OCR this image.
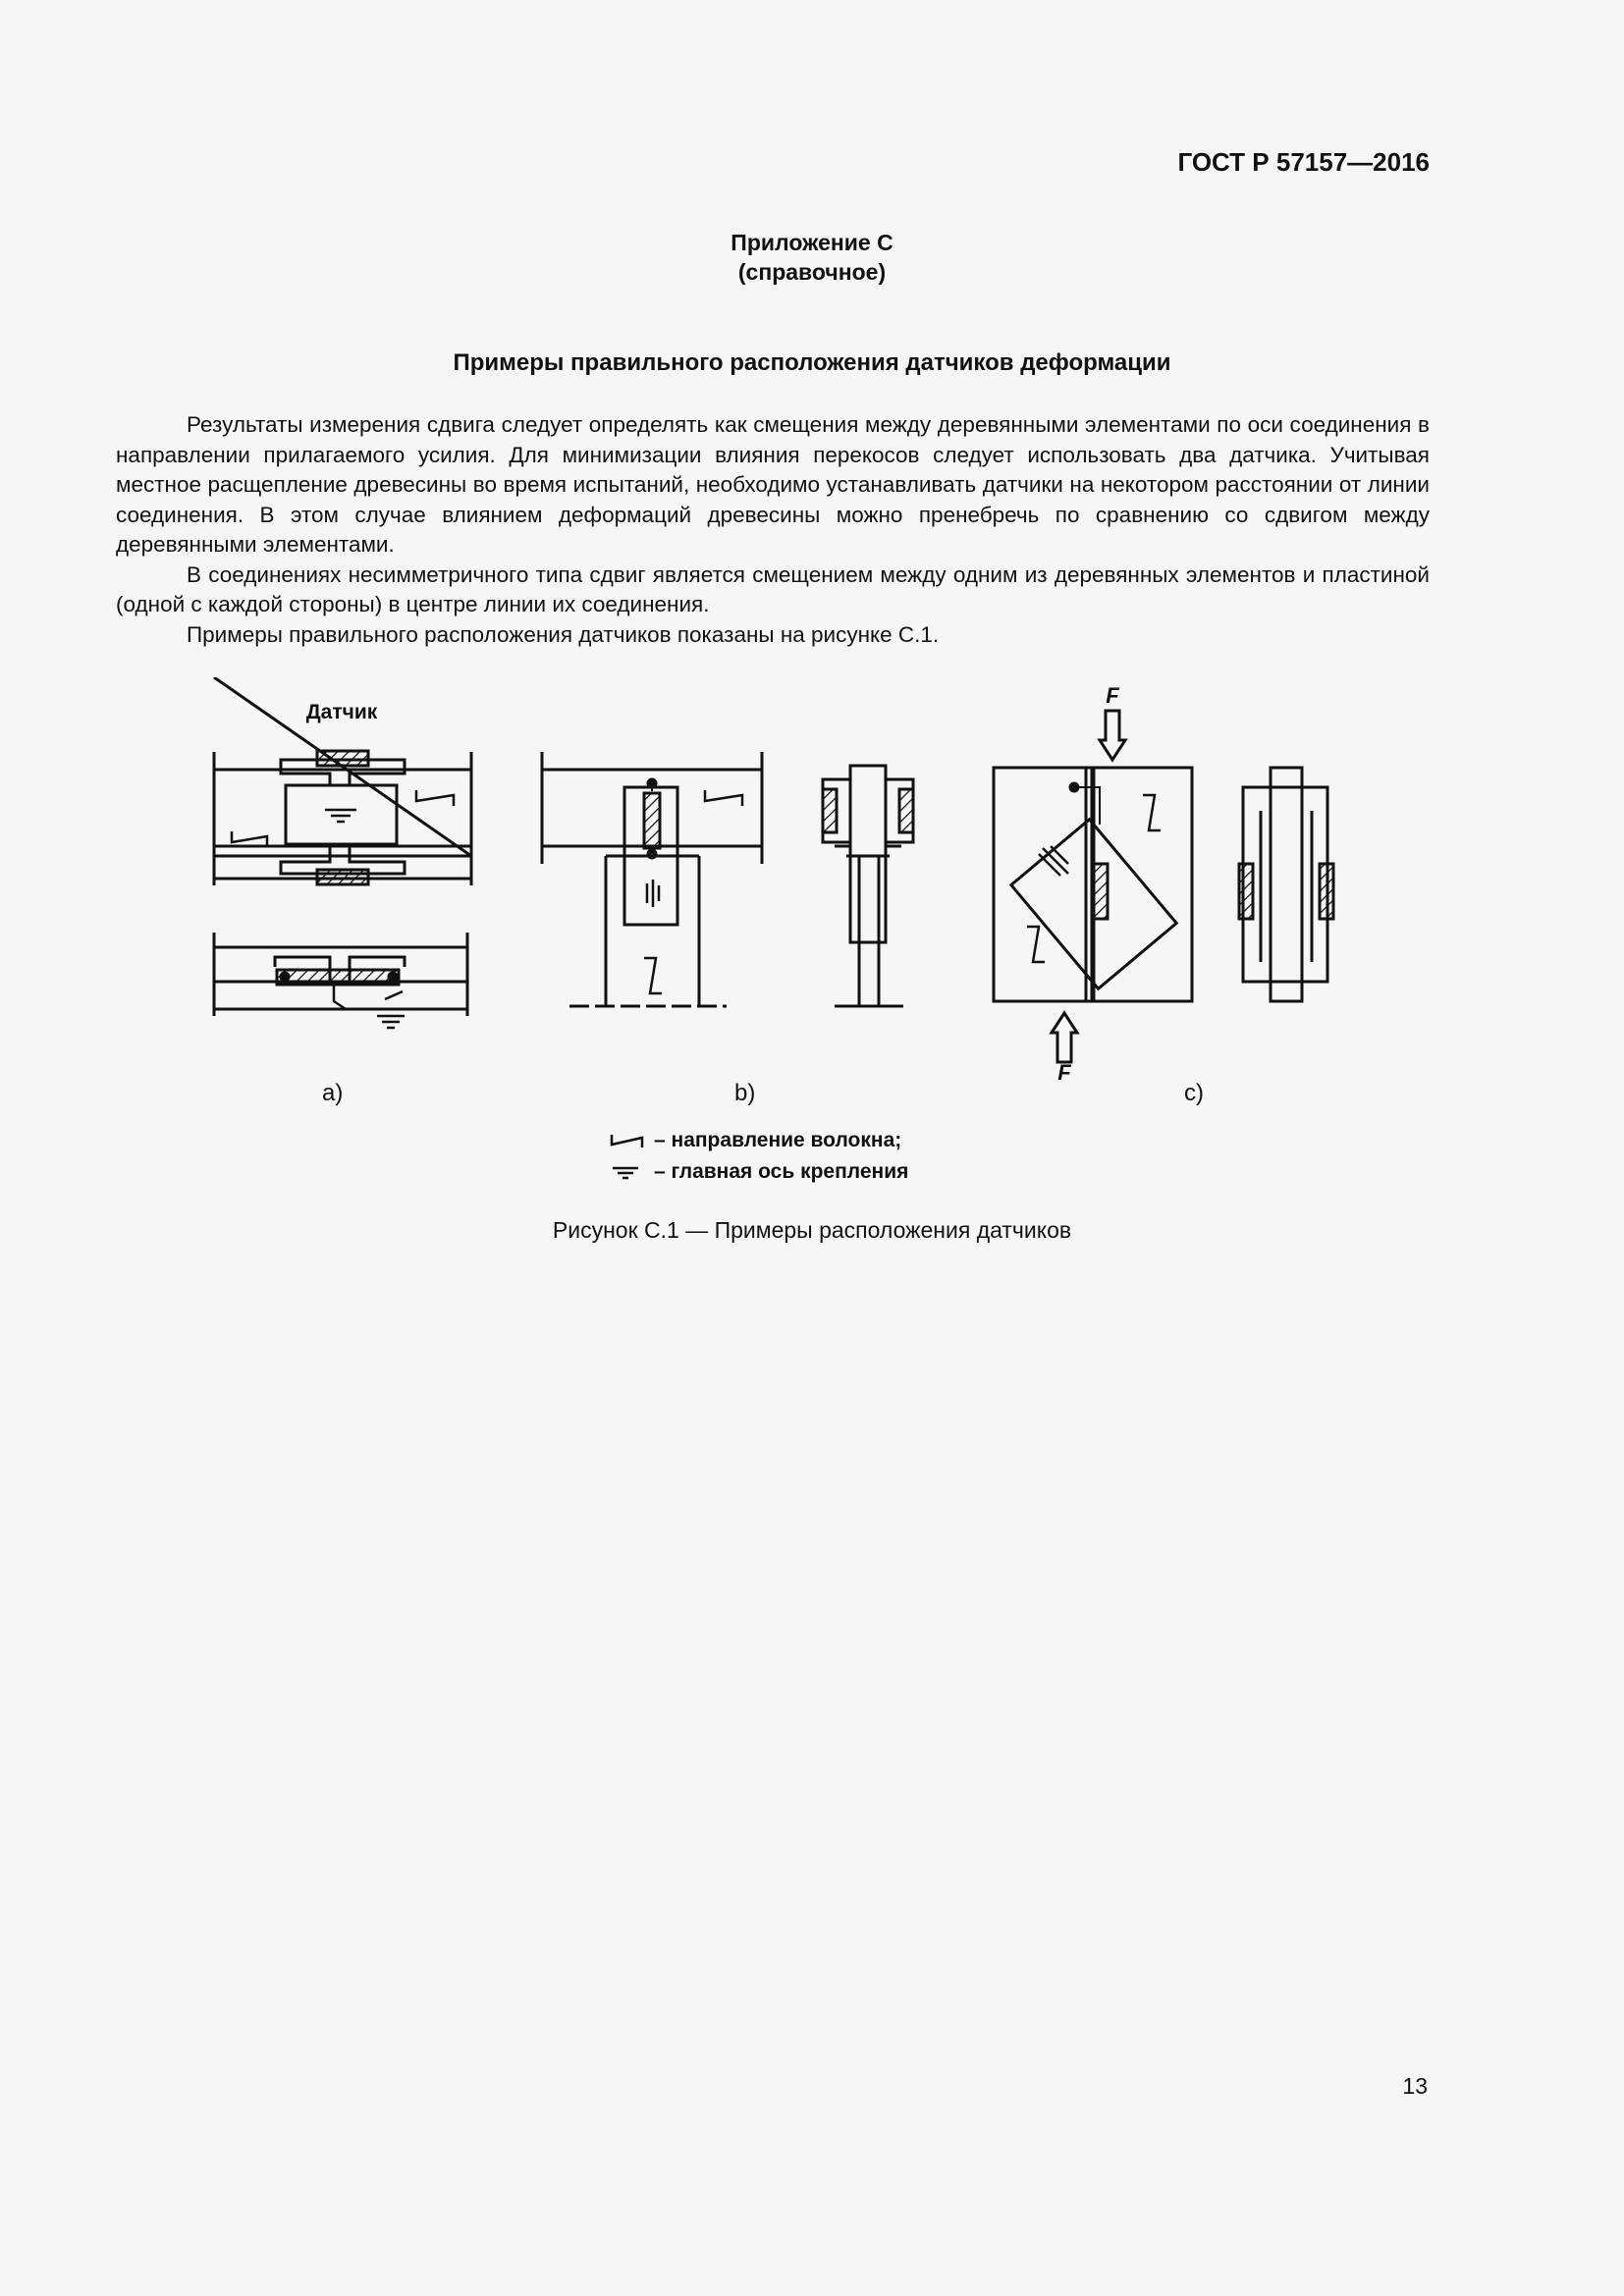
ГОСТ Р 57157—2016
Приложение С
(справочное)
Примеры правильного расположения датчиков деформации

Результаты измерения сдвига следует определять как смещения между деревянными элементами по оси соединения в направлении прилагаемого усилия. Для минимизации влияния перекосов следует использовать два датчика. Учитывая местное расщепление древесины во время испытаний, необходимо устанавливать датчики на некотором расстоянии от линии соединения. В этом случае влиянием деформаций древесины можно пренебречь по сравнению со сдвигом между деревянными элементами.

В соединениях несимметричного типа сдвиг является смещением между одним из деревянных элементов и пластиной (одной с каждой стороны) в центре линии их соединения.

Примеры правильного расположения датчиков показаны на рисунке С.1.

Датчик
F
F
a)	b)	c)
– направление волокна;
– главная ось крепления
Рисунок С.1 — Примеры расположения датчиков
13
